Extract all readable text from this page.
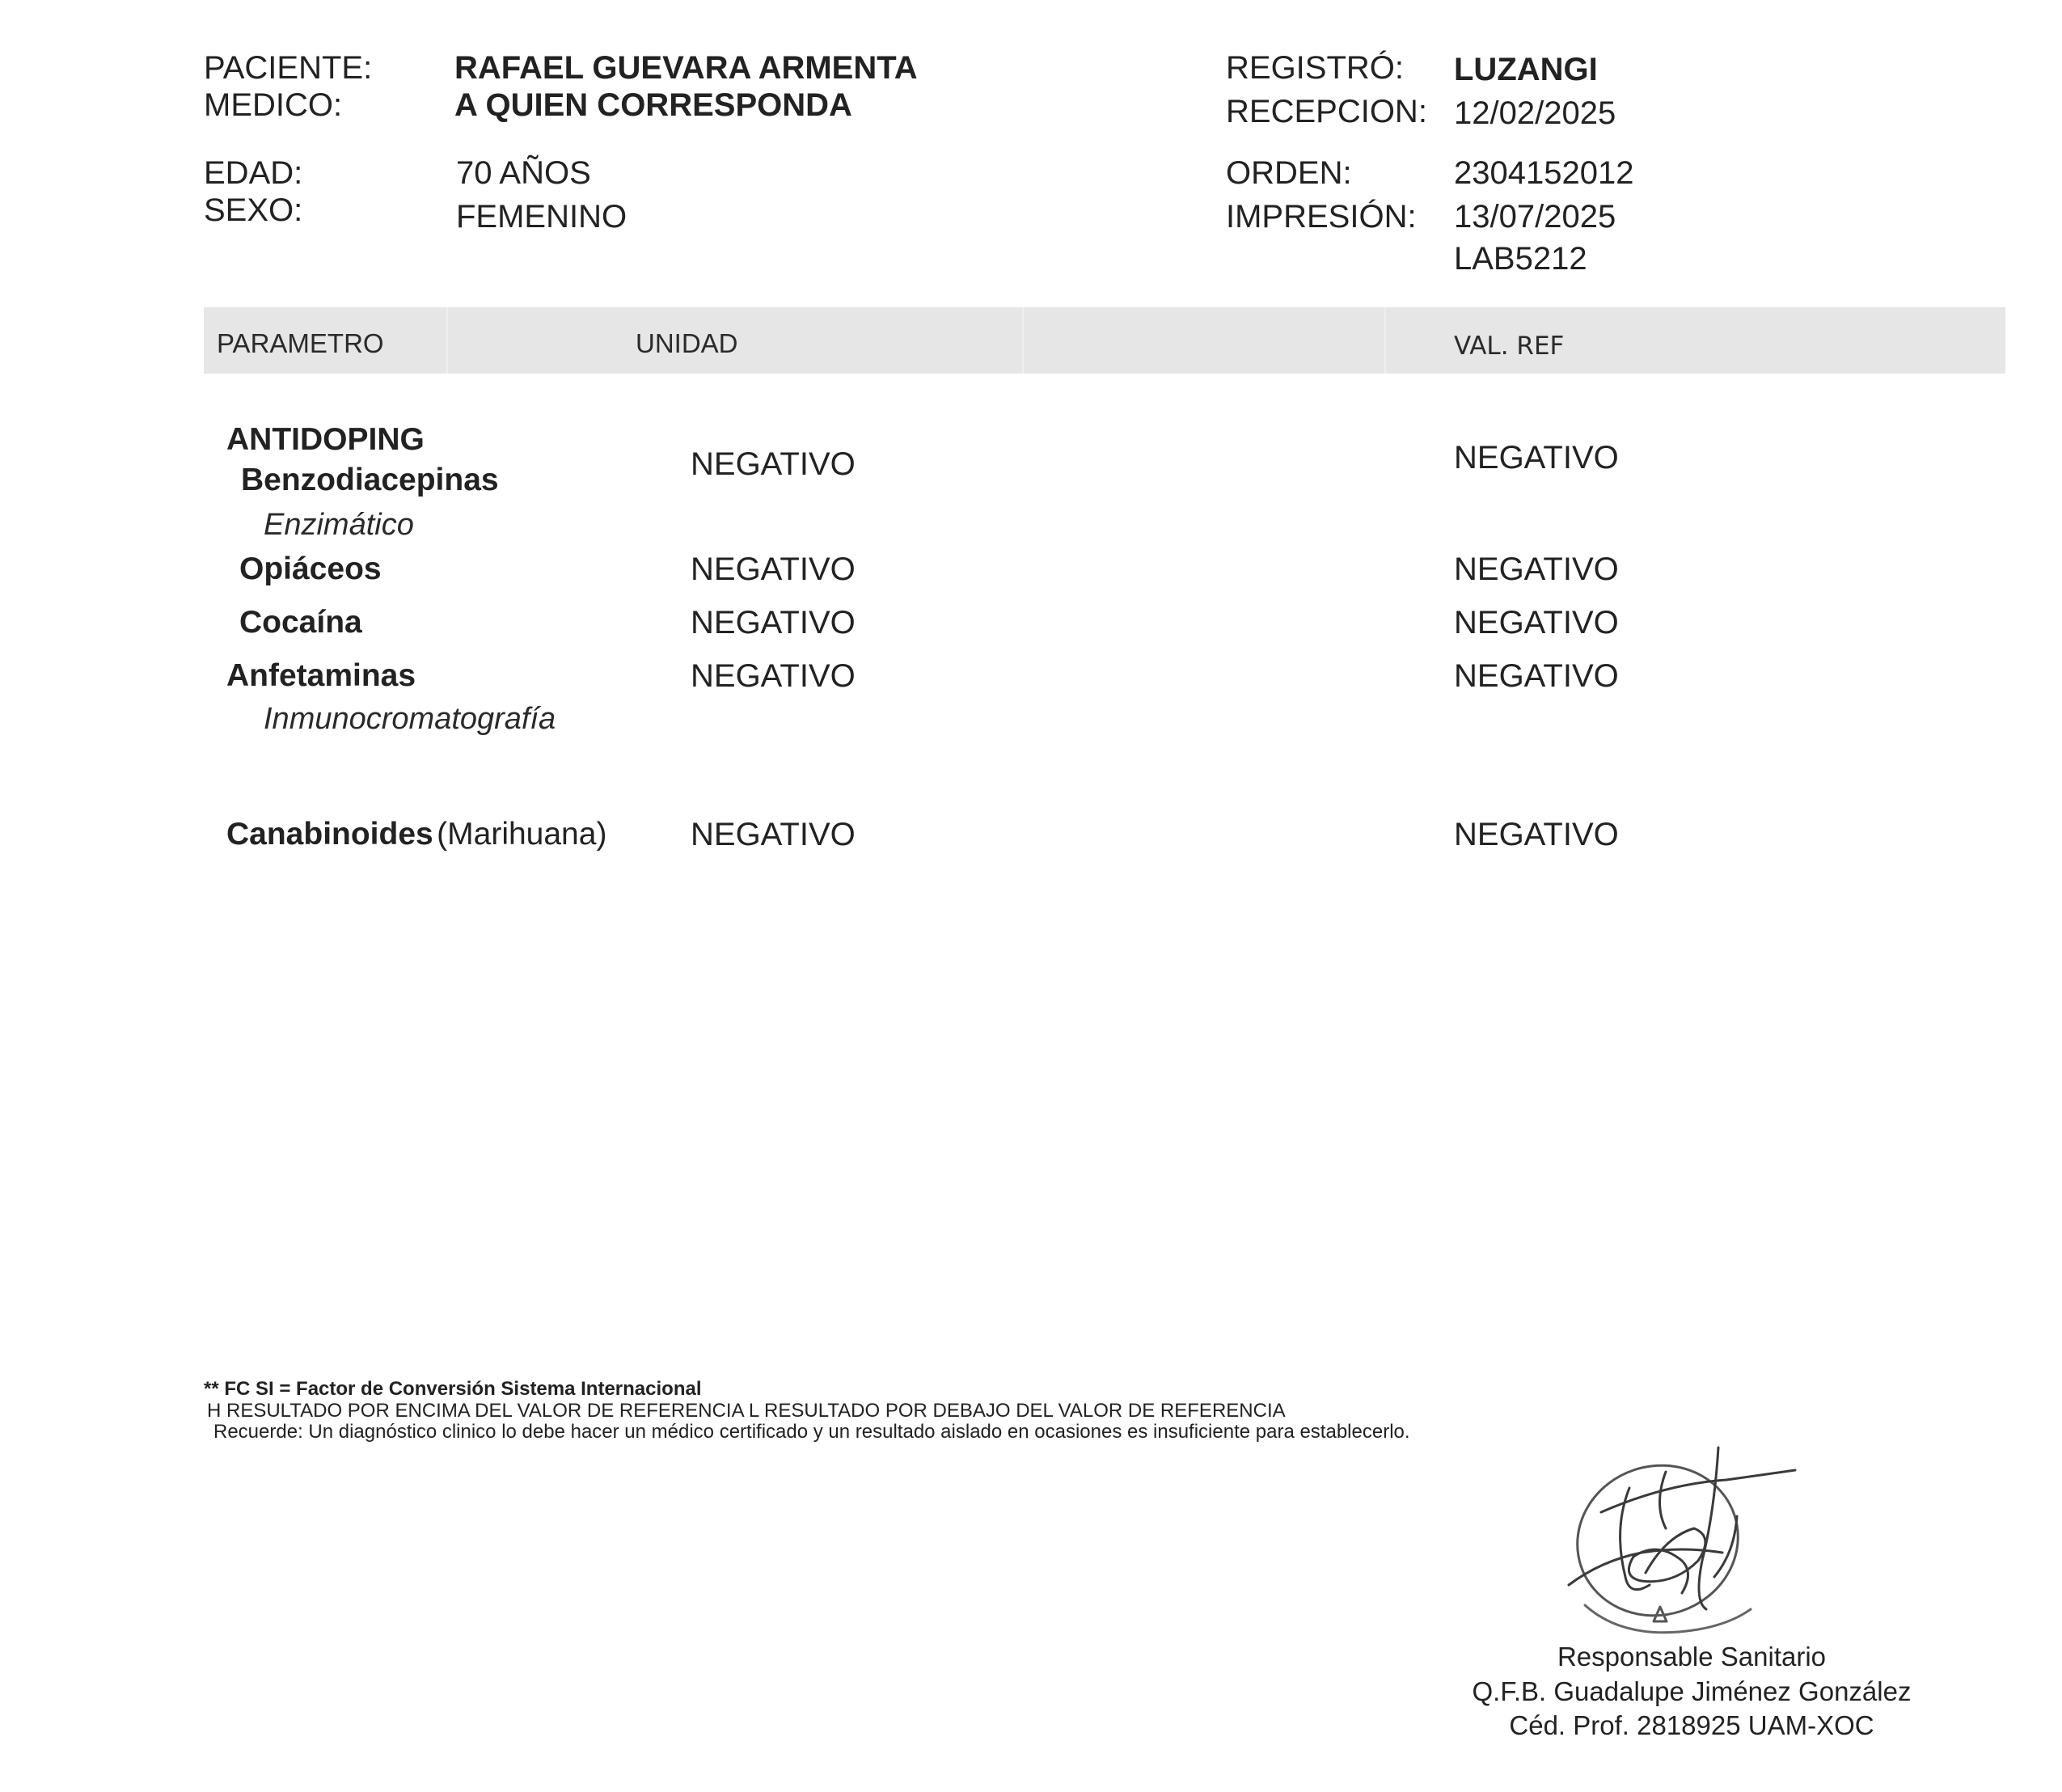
PACIENTE:	RAFAEL GUEVARA ARMENTA
MEDICO:	A QUIEN CORRESPONDA
EDAD:	70 AÑOS
SEXO:	FEMENINO
REGISTRÓ: LUZANGI
RECEPCION: 12/02/2025
ORDEN:	2304152012
IMPRESIÓN: 13/07/2025
LAB5212
PARAMETRO	UNIDAD	VAL. REF
ANTIDOPING
Benzodiacepinas
Enzimático
NEGATIVO	NEGATIVO
Opiáceos	NEGATIVO	NEGATIVO
Cocaína	NEGATIVO	NEGATIVO
Anfetaminas
Inmunocromatografía
NEGATIVO	NEGATIVO
Canabinoides (Marihuana)	NEGATIVO	NEGATIVO
** FC SI = Factor de Conversión Sistema Internacional
H RESULTADO POR ENCIMA DEL VALOR DE REFERENCIA L RESULTADO POR DEBAJO DEL VALOR DE REFERENCIA
Recuerde: Un diagnóstico clinico lo debe hacer un médico certificado y un resultado aislado en ocasiones es insuficiente para establecerlo.
Responsable Sanitario
Q.F.B. Guadalupe Jiménez González
Céd. Prof. 2818925 UAM-XOC
